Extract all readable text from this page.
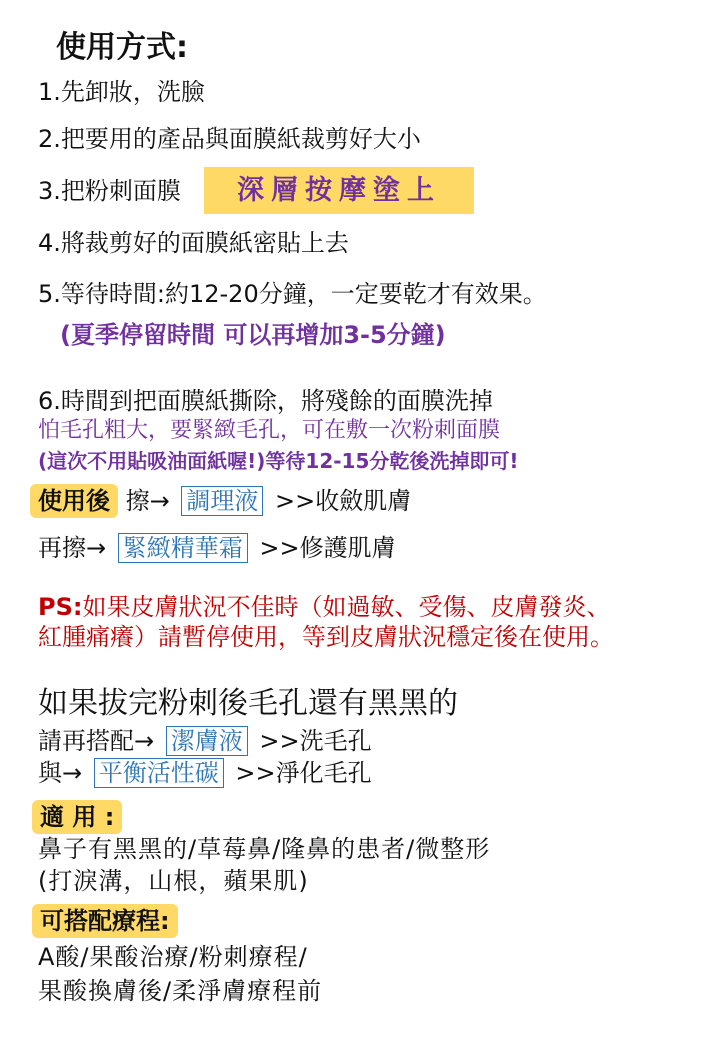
使用方式:
1.先卸妝，洗臉
2.把要用的產品與面膜紙裁剪好大小
3.把粉刺面膜	深層按摩塗上
4.將裁剪好的面膜紙密貼上去
5.等待時間:約12-20分鐘，一定要乾才有效果。
(夏季停留時間 可以再增加3-5分鐘)
6.時間到把面膜紙撕除，將殘餘的面膜洗掉
怕毛孔粗大，要緊緻毛孔，可在敷一次粉刺面膜
(這次不用貼吸油面紙喔!)等待12-15分乾後洗掉即可!
使用後 擦→ 調理液 >>收斂肌膚
再擦→ 緊緻精華霜 >>修護肌膚
PS:如果皮膚狀況不佳時（如過敏、受傷、皮膚發炎、
紅腫痛癢）請暫停使用，等到皮膚狀況穩定後在使用。
如果拔完粉刺後毛孔還有黑黑的
請再搭配→ 潔膚液 >>洗毛孔
與→ 平衡活性碳 >>淨化毛孔
適 用 :
鼻子有黑黑的/草莓鼻/隆鼻的患者/微整形
(打淚溝，山根，蘋果肌)
可搭配療程:
A酸/果酸治療/粉刺療程/
果酸換膚後/柔淨膚療程前
